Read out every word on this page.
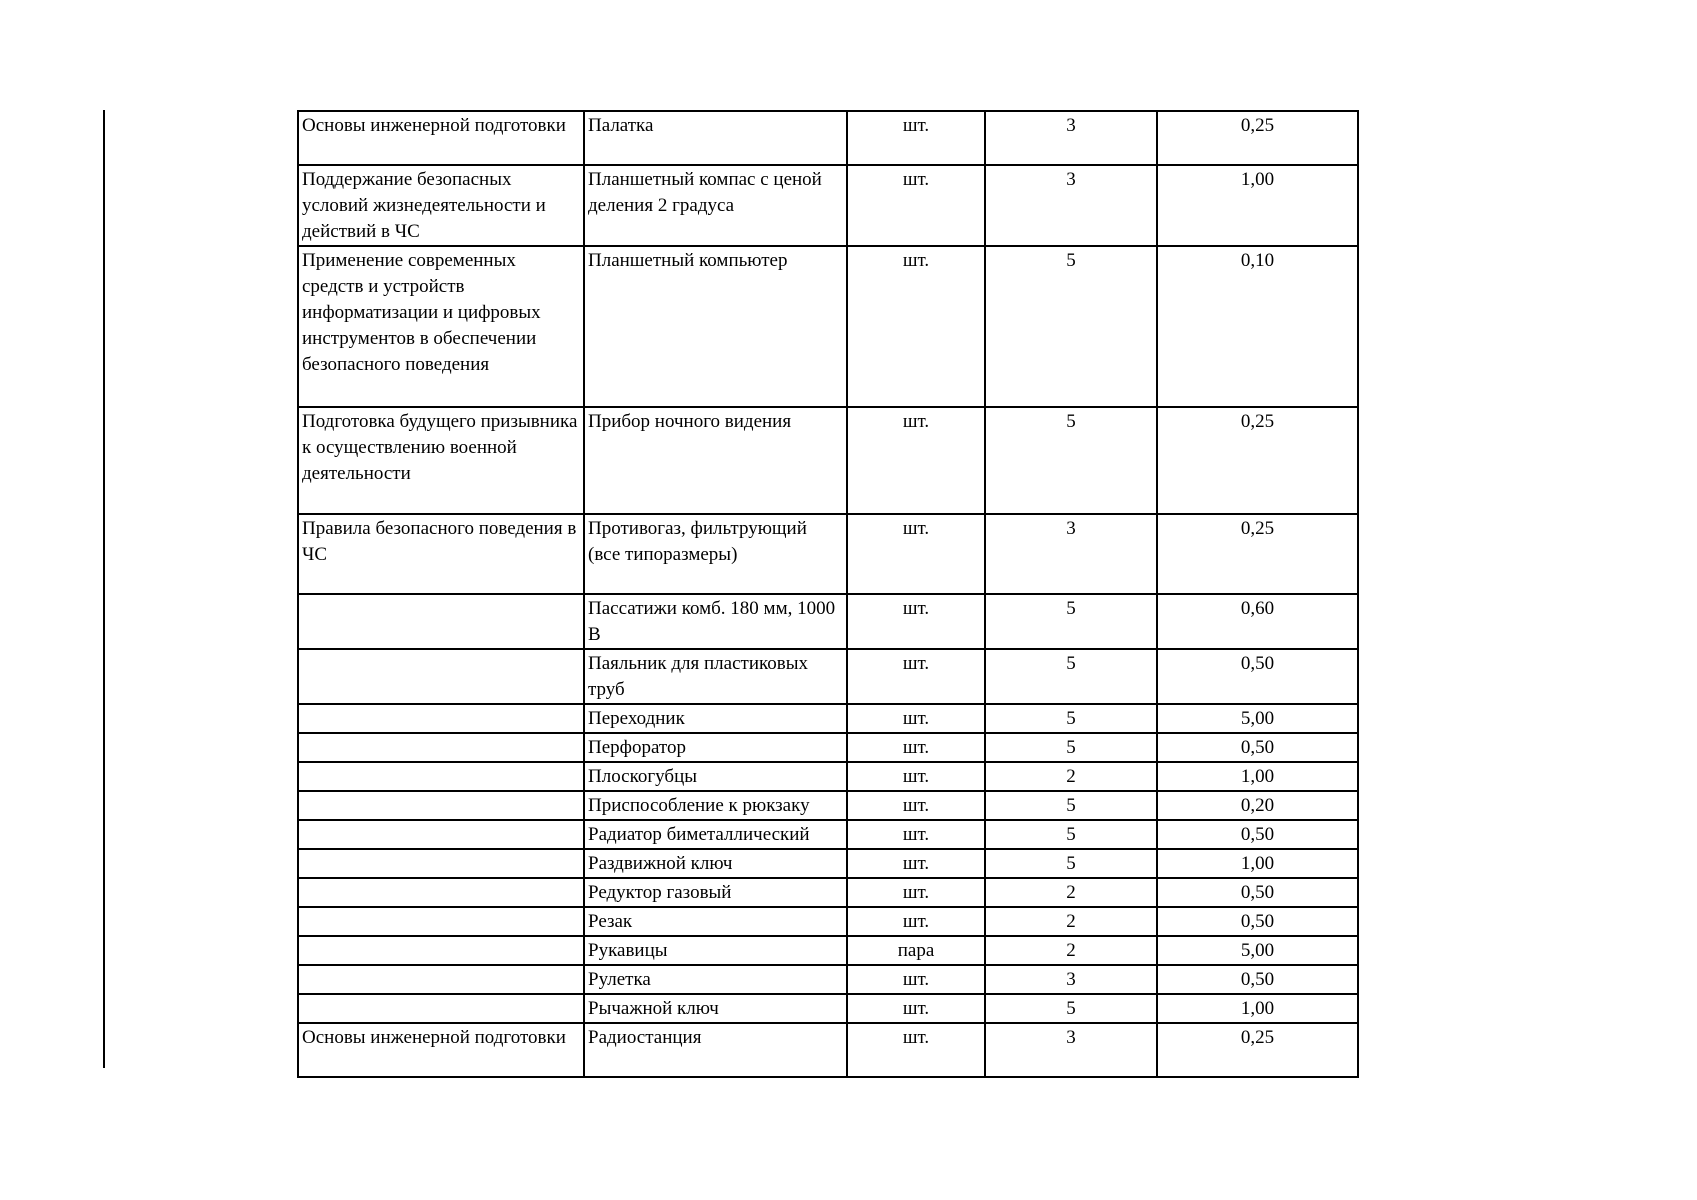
Основы инженерной подготовки	Палатка	шт.	3	0,25
Поддержание безопасных условий жизнедеятельности и действий в ЧС	Планшетный компас с ценой деления 2 градуса	шт.	3	1,00
Применение современных средств и устройств информатизации и цифровых инструментов в обеспечении безопасного поведения	Планшетный компьютер	шт.	5	0,10
Подготовка будущего призывника к осуществлению военной деятельности	Прибор ночного видения	шт.	5	0,25
Правила безопасного поведения в ЧС	Противогаз, фильтрующий (все типоразмеры)	шт.	3	0,25
	Пассатижи комб. 180 мм, 1000 В	шт.	5	0,60
	Паяльник для пластиковых труб	шт.	5	0,50
	Переходник	шт.	5	5,00
	Перфоратор	шт.	5	0,50
	Плоскогубцы	шт.	2	1,00
	Приспособление к рюкзаку	шт.	5	0,20
	Радиатор биметаллический	шт.	5	0,50
	Раздвижной ключ	шт.	5	1,00
	Редуктор газовый	шт.	2	0,50
	Резак	шт.	2	0,50
	Рукавицы	пара	2	5,00
	Рулетка	шт.	3	0,50
	Рычажной ключ	шт.	5	1,00
Основы инженерной подготовки	Радиостанция	шт.	3	0,25
